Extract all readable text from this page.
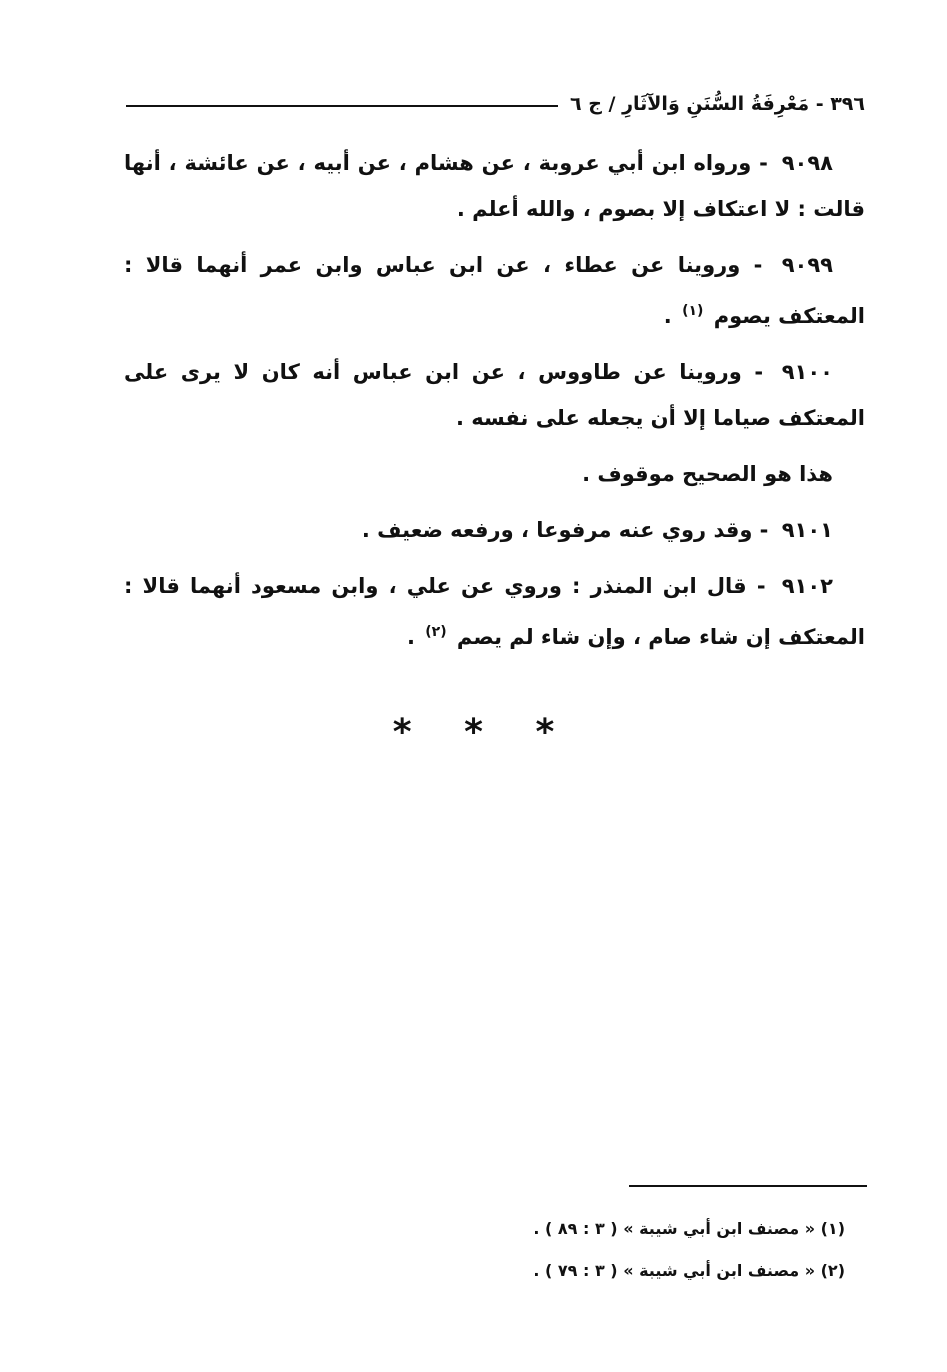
٣٩٦ - مَعْرِفَةُ السُّنَنِ وَالآثَارِ / ج ٦

٩٠٩٨ - ورواه ابن أبي عروبة ، عن هشام ، عن أبيه ، عن عائشة ، أنها قالت : لا اعتكاف إلا بصوم ، والله أعلم .

٩٠٩٩ - وروينا عن عطاء ، عن ابن عباس وابن عمر أنهما قالا : المعتكف يصوم $^{(١)}$ .

٩١٠٠ - وروينا عن طاووس ، عن ابن عباس أنه كان لا يرى على المعتكف صياما إلا أن يجعله على نفسه .

هذا هو الصحيح موقوف .

٩١٠١ - وقد روي عنه مرفوعا ، ورفعه ضعيف .

٩١٠٢ - قال ابن المنذر : وروي عن علي ، وابن مسعود أنهما قالا : المعتكف إن شاء صام ، وإن شاء لم يصم $^{(٢)}$ .

* * *

(١) « مصنف ابن أبي شيبة » ( ٣ : ٨٩ ) .

(٢) « مصنف ابن أبي شيبة » ( ٣ : ٧٩ ) .
